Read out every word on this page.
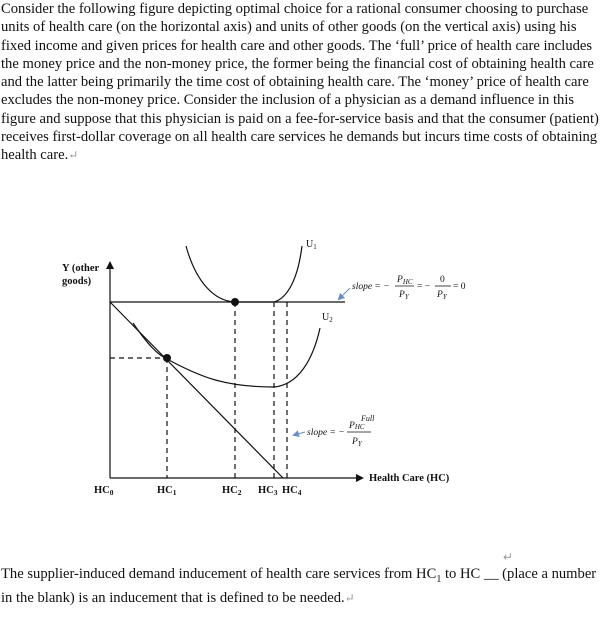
Consider the following figure depicting optimal choice for a rational consumer choosing to purchase units of health care (on the horizontal axis) and units of other goods (on the vertical axis) using his fixed income and given prices for health care and other goods. The ‘full’ price of health care includes the money price and the non-money price, the former being the financial cost of obtaining health care and the latter being primarily the time cost of obtaining health care. The ‘money’ price of health care excludes the non-money price. Consider the inclusion of a physician as a demand influence in this figure and suppose that this physician is paid on a fee-for-service basis and that the consumer (patient) receives first-dollar coverage on all health care services he demands but incurs time costs of obtaining health care.↵

Y (other
goods)
Health Care (HC)
$U_1$
$U_2$
HC0	HC1	HC2 HC3 HC4
slope = −
$P_{HC}$
$P_Y$
= −
0
$P_Y$
= 0
slope = −
Full
PHC
$P_Y$
↵

The supplier-induced demand inducement of health care services from $HC_1$ to HC __ (place a number in the blank) is an inducement that is defined to be needed.↵
